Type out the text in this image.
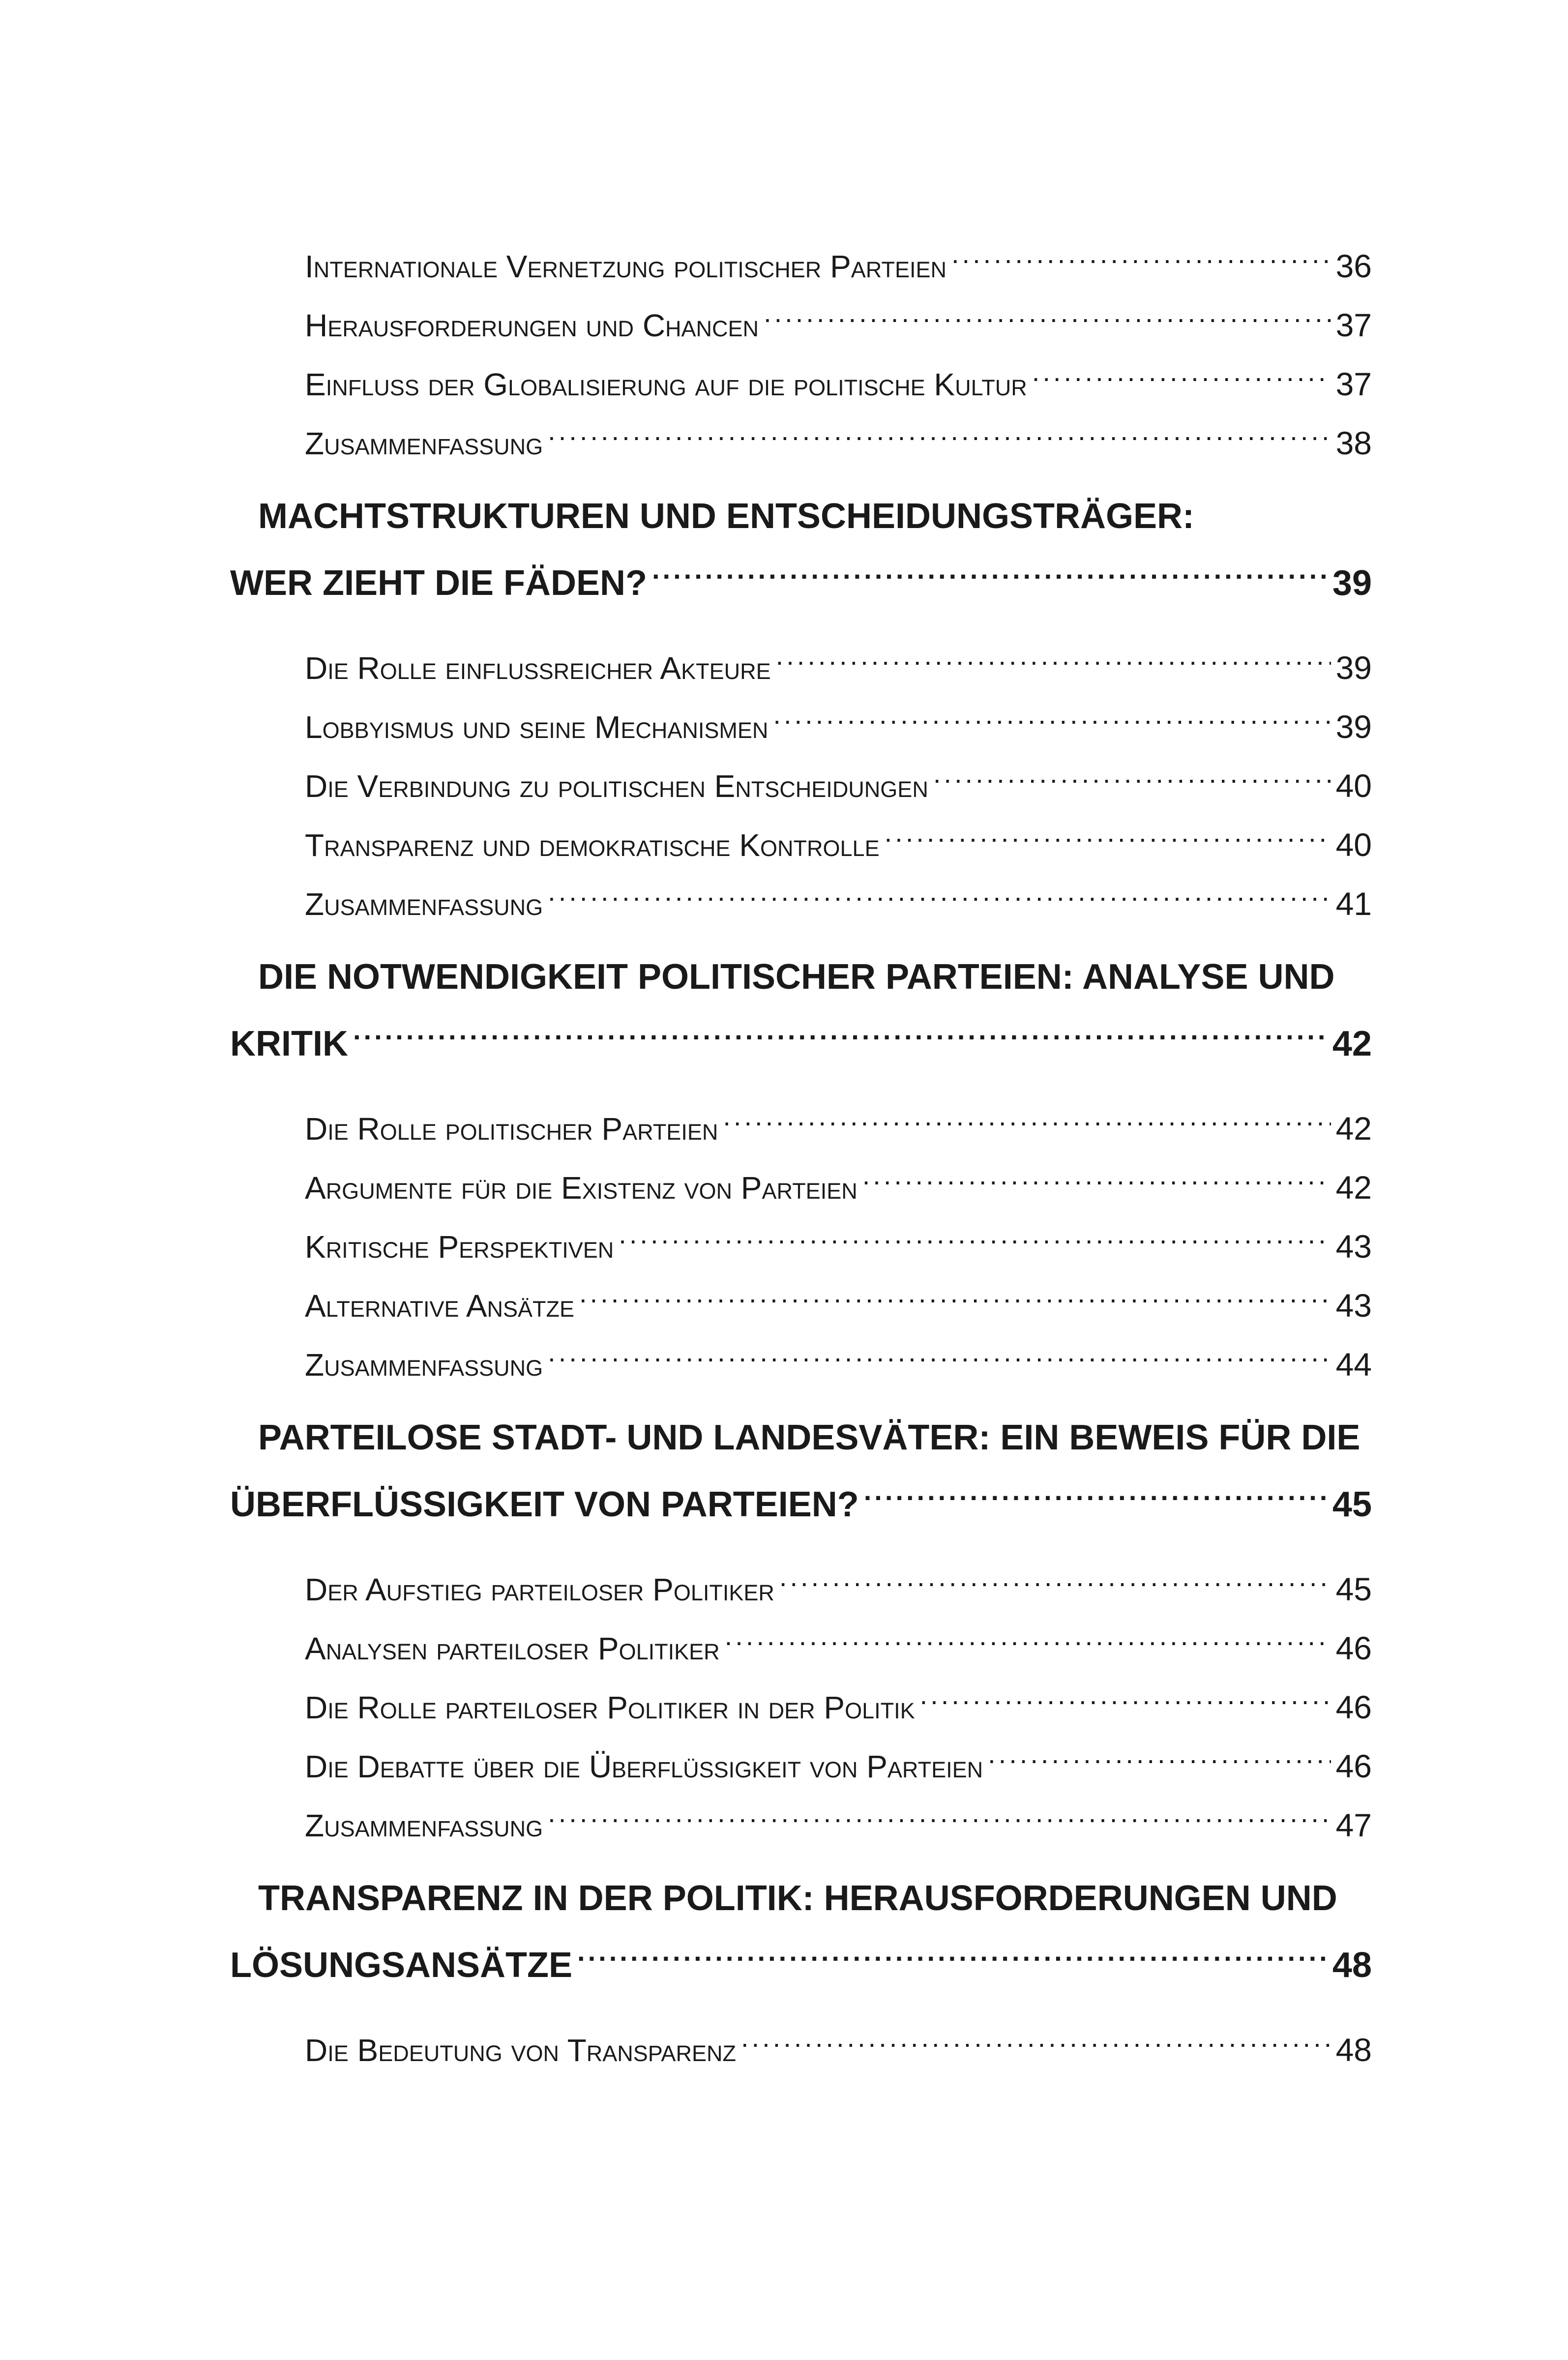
Internationale Vernetzung politischer Parteien .....	36
Herausforderungen und Chancen .....	37
Einfluss der Globalisierung auf die politische Kultur .....	37
Zusammenfassung .....	38
MACHTSTRUKTUREN UND ENTSCHEIDUNGSTRÄGER:
WER ZIEHT DIE FÄDEN? .....	39
Die Rolle einflussreicher Akteure .....	39
Lobbyismus und seine Mechanismen .....	39
Die Verbindung zu politischen Entscheidungen .....	40
Transparenz und demokratische Kontrolle .....	40
Zusammenfassung .....	41
DIE NOTWENDIGKEIT POLITISCHER PARTEIEN: ANALYSE UND
KRITIK .....	42
Die Rolle politischer Parteien .....	42
Argumente für die Existenz von Parteien .....	42
Kritische Perspektiven .....	43
Alternative Ansätze .....	43
Zusammenfassung .....	44
PARTEILOSE STADT- UND LANDESVÄTER: EIN BEWEIS FÜR DIE
ÜBERFLÜSSIGKEIT VON PARTEIEN? .....	45
Der Aufstieg parteiloser Politiker .....	45
Analysen parteiloser Politiker .....	46
Die Rolle parteiloser Politiker in der Politik .....	46
Die Debatte über die Überflüssigkeit von Parteien .....	46
Zusammenfassung .....	47
TRANSPARENZ IN DER POLITIK: HERAUSFORDERUNGEN UND
LÖSUNGSANSÄTZE .....	48
Die Bedeutung von Transparenz .....	48
